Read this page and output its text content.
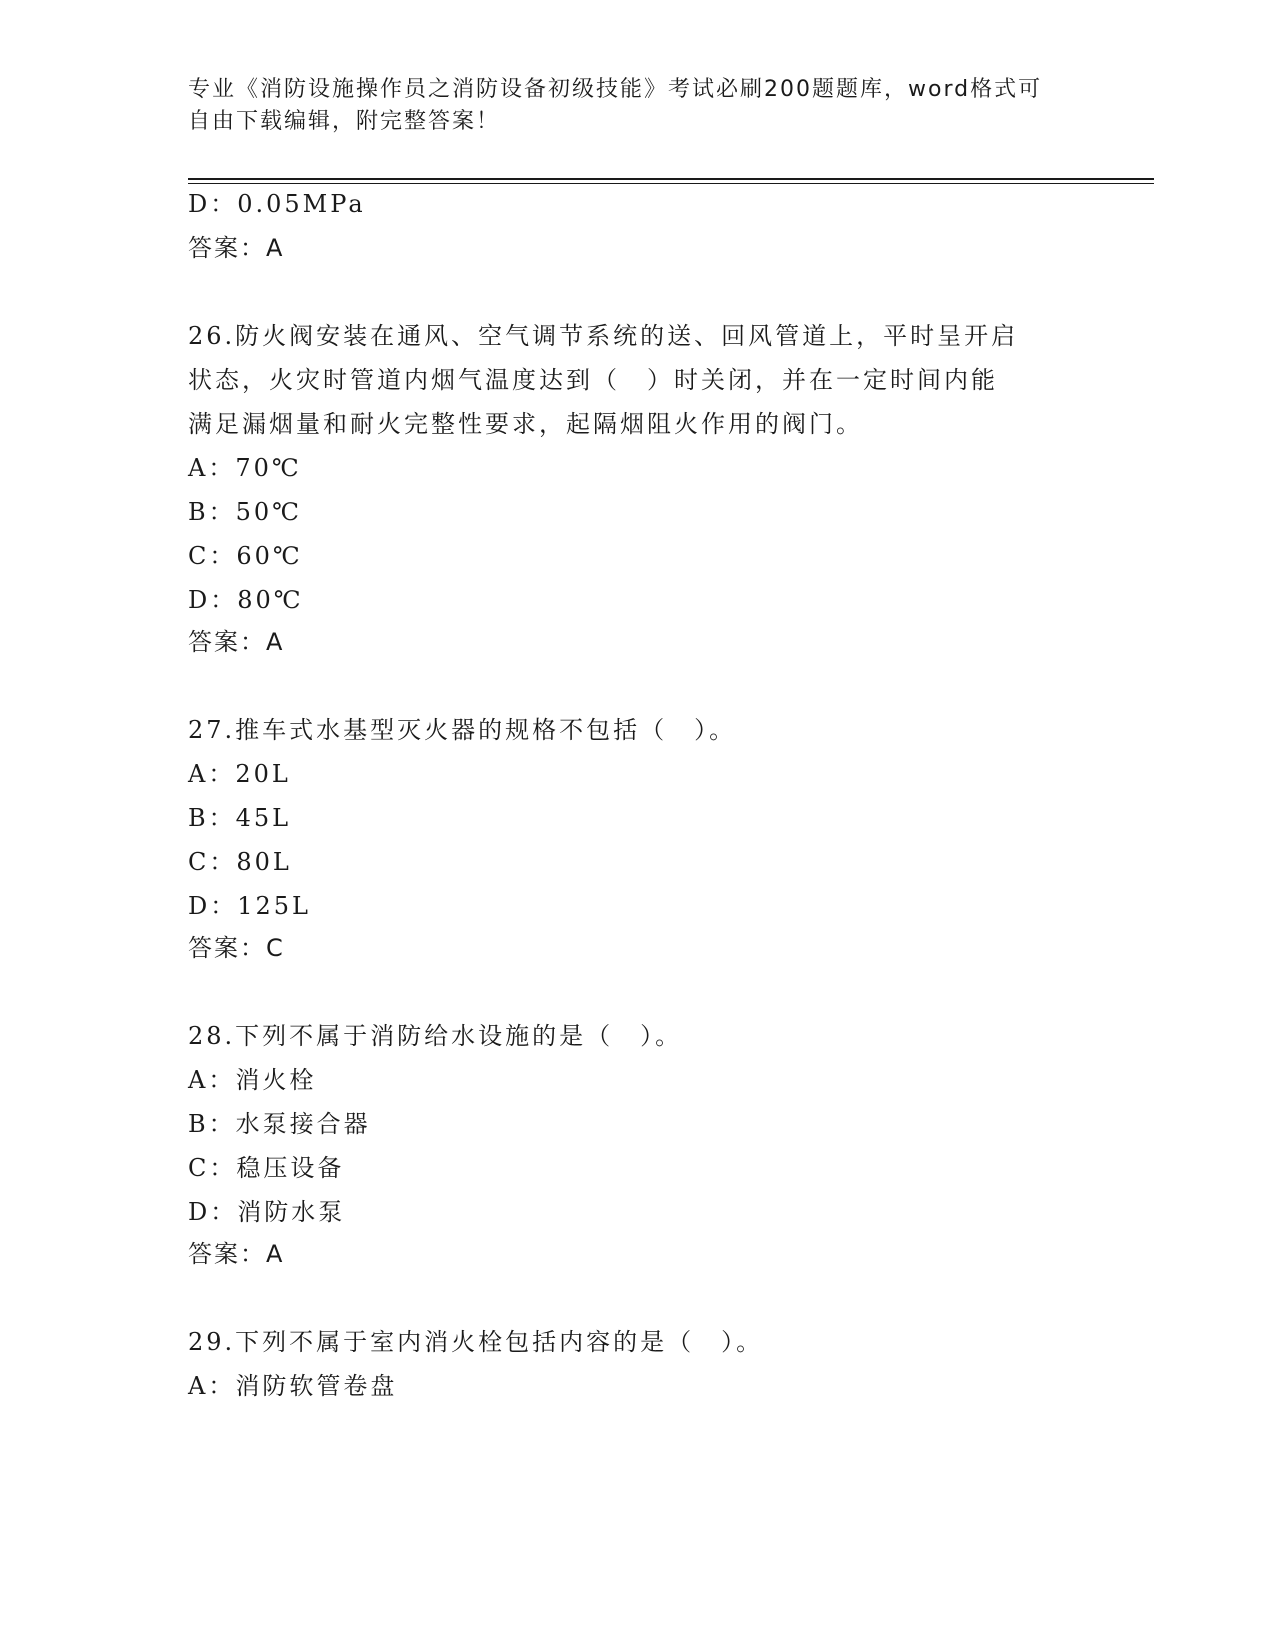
专业《消防设施操作员之消防设备初级技能》考试必刷200题题库，word格式可
自由下载编辑，附完整答案！
D：0.05MPa
答案：A
26.防火阀安装在通风、空气调节系统的送、回风管道上，平时呈开启
状态，火灾时管道内烟气温度达到（　）时关闭，并在一定时间内能
满足漏烟量和耐火完整性要求，起隔烟阻火作用的阀门。
A：70℃
B：50℃
C：60℃
D：80℃
答案：A
27.推车式水基型灭火器的规格不包括（　）。
A：20L
B：45L
C：80L
D：125L
答案：C
28.下列不属于消防给水设施的是（　）。
A：消火栓
B：水泵接合器
C：稳压设备
D：消防水泵
答案：A
29.下列不属于室内消火栓包括内容的是（　）。
A：消防软管卷盘
